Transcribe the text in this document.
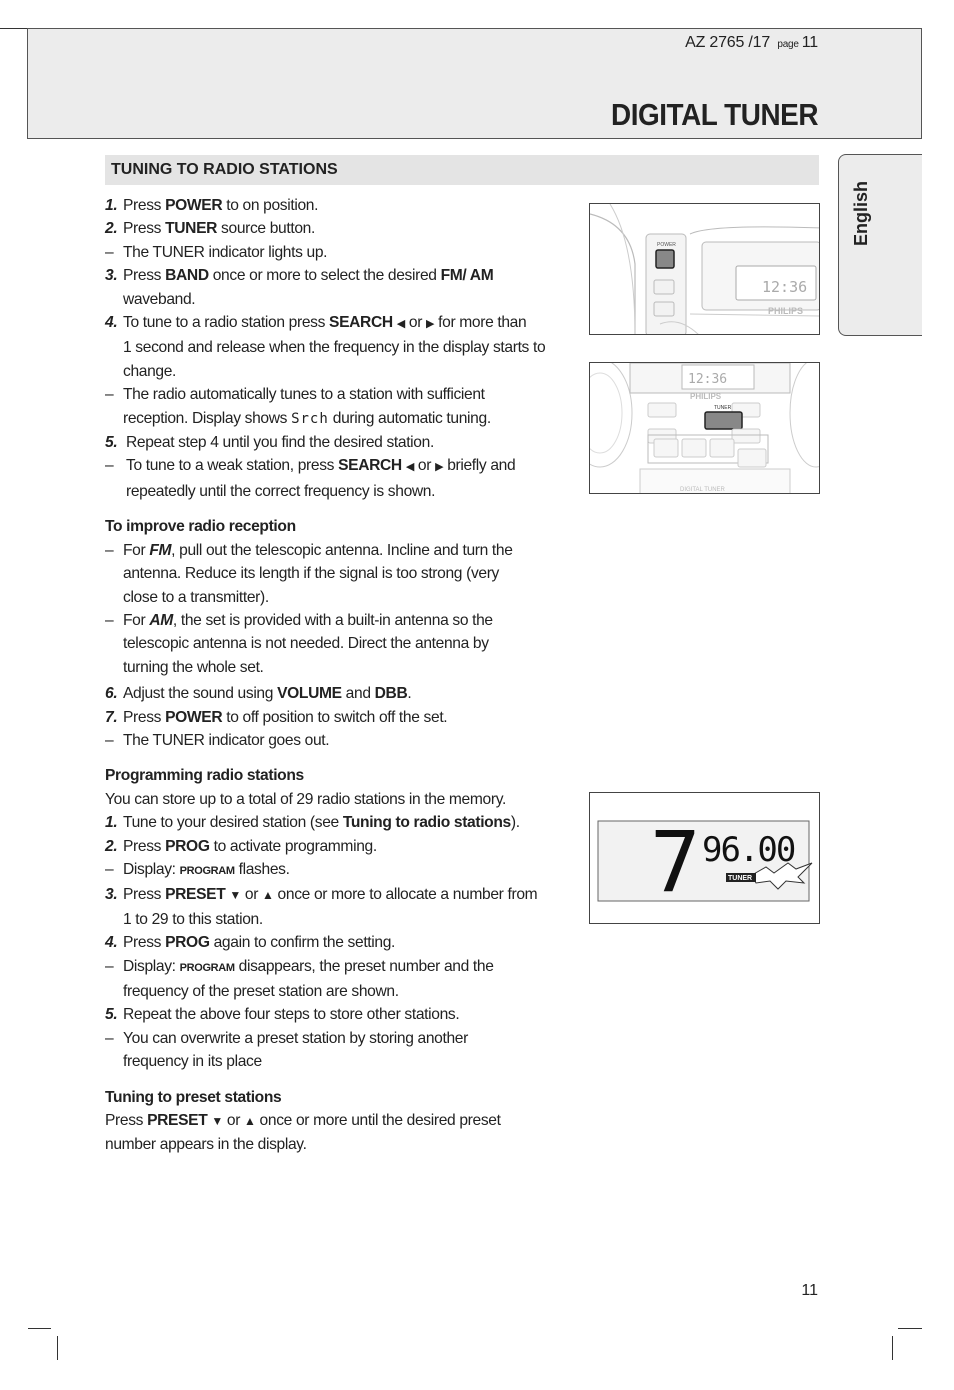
AZ 2765 /17 page 11
DIGITAL TUNER
English
TUNING TO RADIO STATIONS
1. Press POWER to on position.
2. Press TUNER source button.
– The TUNER indicator lights up.
3. Press BAND once or more to select the desired FM/ AM
waveband.
4. To tune to a radio station press SEARCH ◀ or ▶ for more than
1 second and release when the frequency in the display starts to
change.
– The radio automatically tunes to a station with sufficient
reception. Display shows Srch during automatic tuning.
5. Repeat step 4 until you find the desired station.
– To tune to a weak station, press SEARCH ◀ or ▶ briefly and
repeatedly until the correct frequency is shown.
To improve radio reception
– For FM, pull out the telescopic antenna. Incline and turn the
antenna. Reduce its length if the signal is too strong (very
close to a transmitter).
– For AM, the set is provided with a built-in antenna so the
telescopic antenna is not needed. Direct the antenna by
turning the whole set.
6. Adjust the sound using VOLUME and DBB.
7. Press POWER to off position to switch off the set.
– The TUNER indicator goes out.
Programming radio stations
You can store up to a total of 29 radio stations in the memory.
1. Tune to your desired station (see Tuning to radio stations).
2. Press PROG to activate programming.
– Display: PROGRAM flashes.
3. Press PRESET ▼ or ▲ once or more to allocate a number from
1 to 29 to this station.
4. Press PROG again to confirm the setting.
– Display: PROGRAM disappears, the preset number and the
frequency of the preset station are shown.
5. Repeat the above four steps to store other stations.
– You can overwrite a preset station by storing another
frequency in its place
Tuning to preset stations
Press PRESET ▼ or ▲ once or more until the desired preset
number appears in the display.
POWER
12:36
PHILIPS
12:36
PHILIPS
TUNER
DIGITAL TUNER
7 96.00
TUNER
11
